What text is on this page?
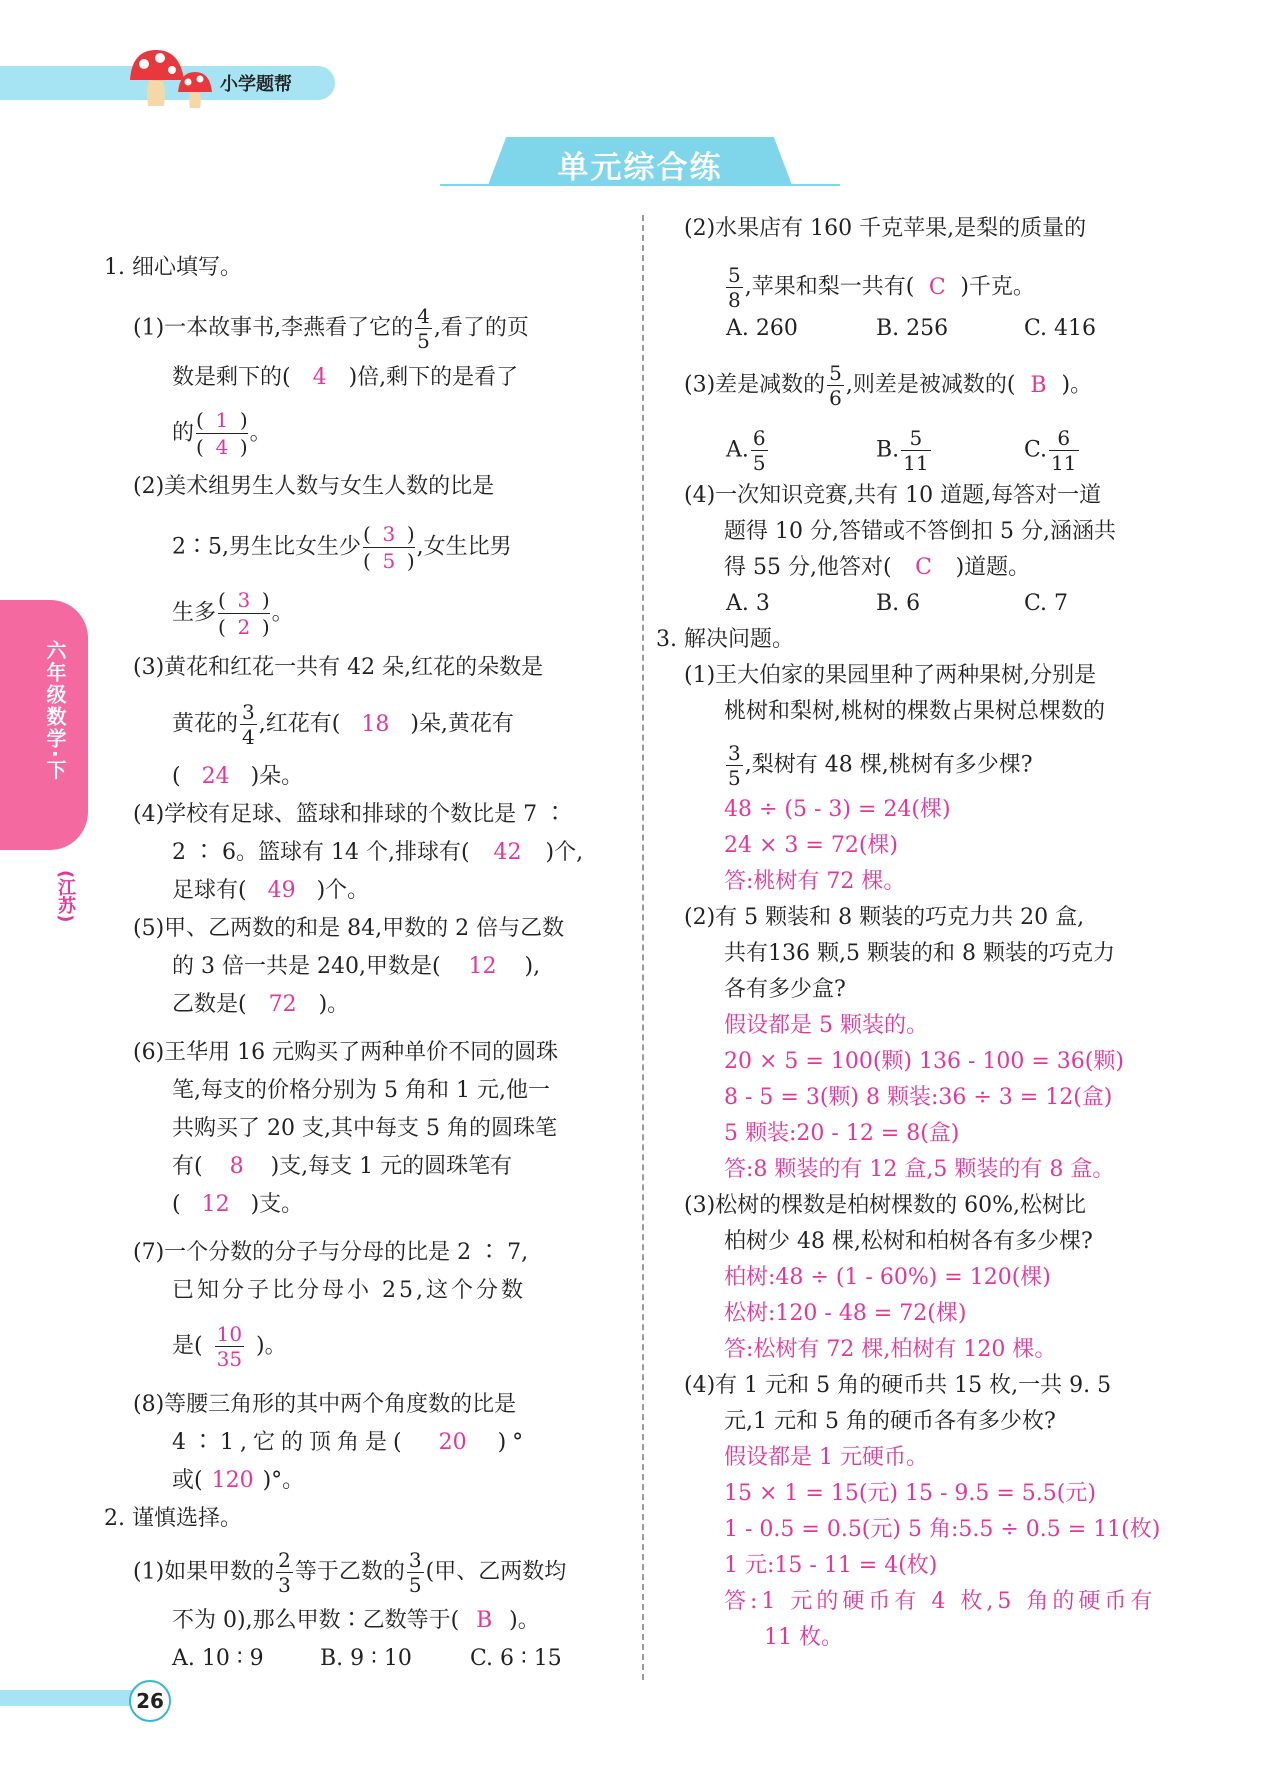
小学题帮
单元综合练
六年级数学·下
(江苏)
1. 细心填写。
(1)一本故事书,李燕看了它的 $\frac{4}{5}$ ,看了的页
数是剩下的( 4 )倍,剩下的是看了
的 $\frac{( 1 )}{( 4 )}$ 。
(2)美术组男生人数与女生人数的比是
2∶5,男生比女生少 $\frac{( 3 )}{( 5 )}$ ,女生比男
生多 $\frac{( 3 )}{( 2 )}$ 。
(3)黄花和红花一共有 42 朵,红花的朵数是
黄花的 $\frac{3}{4}$ ,红花有( 18 )朵,黄花有
( 24 )朵。
(4)学校有足球、篮球和排球的个数比是 7 ∶
2 ∶ 6。篮球有 14 个,排球有( 42 )个,
足球有( 49 )个。
(5)甲、乙两数的和是 84,甲数的 2 倍与乙数
的 3 倍一共是 240,甲数是( 12 ),
乙数是( 72 )。
(6)王华用 16 元购买了两种单价不同的圆珠
笔,每支的价格分别为 5 角和 1 元,他一
共购买了 20 支,其中每支 5 角的圆珠笔
有( 8 )支,每支 1 元的圆珠笔有
( 12 )支。
(7)一个分数的分子与分母的比是 2 ∶ 7,
已知分子比分母小 25,这个分数
是( $\frac{10}{35}$ )。
(8)等腰三角形的其中两个角度数的比是
4∶1,它的顶角是( 20 )°
或( 120 )°。
2. 谨慎选择。
(1)如果甲数的 $\frac{2}{3}$ 等于乙数的 $\frac{3}{5}$ (甲、乙两数均
不为 0),那么甲数∶乙数等于( B )。
A. 10 ∶ 9	B. 9 ∶ 10	C. 6 ∶ 15
(2)水果店有 160 千克苹果,是梨的质量的
$\frac{5}{8}$ ,苹果和梨一共有( C )千克。
A. 260	B. 256	C. 416
(3)差是减数的 $\frac{5}{6}$ ,则差是被减数的( B )。
A. $\frac{6}{5}$	B. $\frac{5}{11}$	C. $\frac{6}{11}$
(4)一次知识竞赛,共有 10 道题,每答对一道
题得 10 分,答错或不答倒扣 5 分,涵涵共
得 55 分,他答对( C )道题。
A. 3	B. 6	C. 7
3. 解决问题。
(1)王大伯家的果园里种了两种果树,分别是
桃树和梨树,桃树的棵数占果树总棵数的
$\frac{3}{5}$ ,梨树有 48 棵,桃树有多少棵?
48 ÷ (5 - 3) = 24(棵)
24 × 3 = 72(棵)
答:桃树有 72 棵。
(2)有 5 颗装和 8 颗装的巧克力共 20 盒,
共有136 颗,5 颗装的和 8 颗装的巧克力
各有多少盒?
假设都是 5 颗装的。
20 × 5 = 100(颗) 136 - 100 = 36(颗)
8 - 5 = 3(颗) 8 颗装:36 ÷ 3 = 12(盒)
5 颗装:20 - 12 = 8(盒)
答:8 颗装的有 12 盒,5 颗装的有 8 盒。
(3)松树的棵数是柏树棵数的 60%,松树比
柏树少 48 棵,松树和柏树各有多少棵?
柏树:48 ÷ (1 - 60%) = 120(棵)
松树:120 - 48 = 72(棵)
答:松树有 72 棵,柏树有 120 棵。
(4)有 1 元和 5 角的硬币共 15 枚,一共 9. 5
元,1 元和 5 角的硬币各有多少枚?
假设都是 1 元硬币。
15 × 1 = 15(元) 15 - 9.5 = 5.5(元)
1 - 0.5 = 0.5(元) 5 角:5.5 ÷ 0.5 = 11(枚)
1 元:15 - 11 = 4(枚)
答:1 元的硬币有 4 枚,5 角的硬币有
11 枚。
26
